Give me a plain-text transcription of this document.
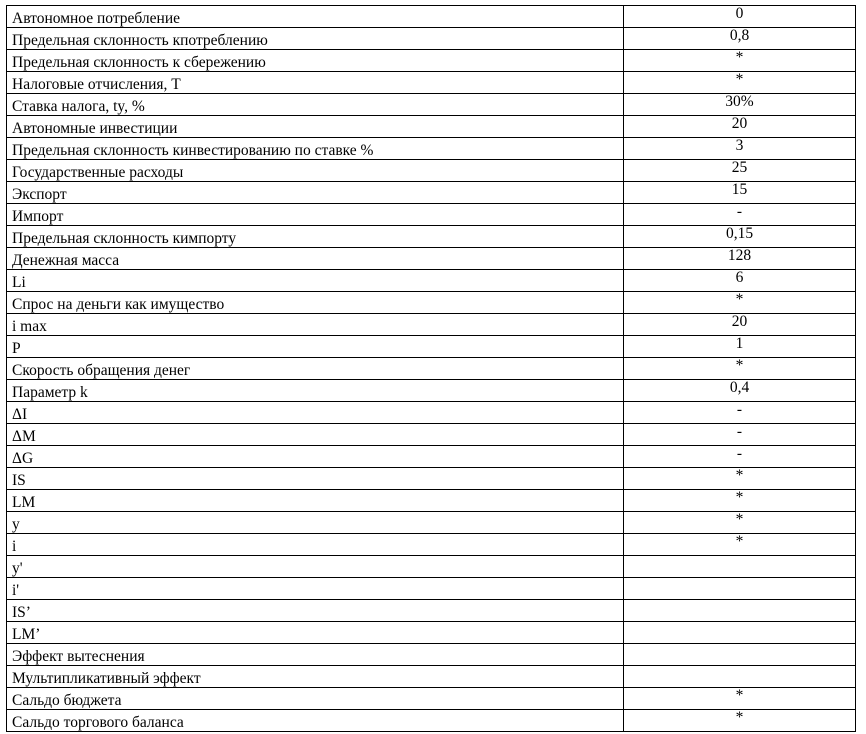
Автономное потребление	0
Предельная склонность кпотреблению	0,8
Предельная склонность к сбережению	*
Налоговые отчисления, Т	*
Ставка налога, ty, %	30%
Автономные инвестиции	20
Предельная склонность кинвестированию по ставке %	3
Государственные расходы	25
Экспорт	15
Импорт	-
Предельная склонность кимпорту	0,15
Денежная масса	128
Li	6
Спрос на деньги как имущество	*
i max	20
P	1
Скорость обращения денег	*
Параметр k	0,4
ΔI	-
ΔM	-
ΔG	-
IS	*
LM	*
y	*
i	*
y'	
i'	
IS’	
LM’	
Эффект вытеснения	
Мультипликативный эффект	
Сальдо бюджета	*
Сальдо торгового баланса	*
